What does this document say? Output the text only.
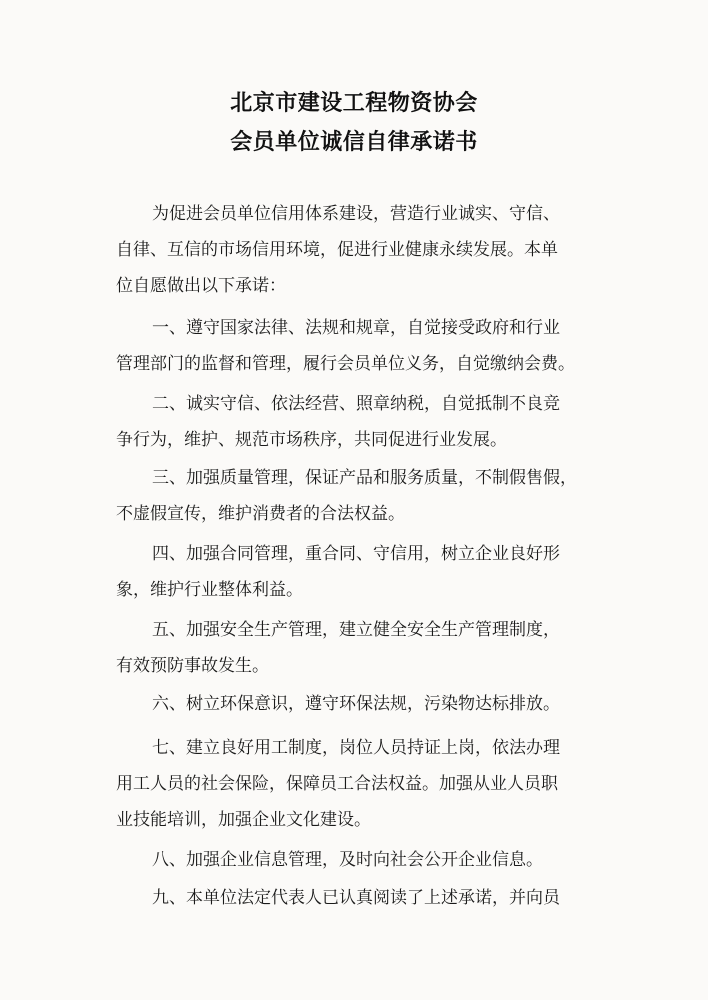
北京市建设工程物资协会
会员单位诚信自律承诺书
为促进会员单位信用体系建设，营造行业诚实、守信、
自律、互信的市场信用环境，促进行业健康永续发展。本单
位自愿做出以下承诺：
一、遵守国家法律、法规和规章，自觉接受政府和行业
管理部门的监督和管理，履行会员单位义务，自觉缴纳会费。
二、诚实守信、依法经营、照章纳税，自觉抵制不良竞
争行为，维护、规范市场秩序，共同促进行业发展。
三、加强质量管理，保证产品和服务质量，不制假售假，
不虚假宣传，维护消费者的合法权益。
四、加强合同管理，重合同、守信用，树立企业良好形
象，维护行业整体利益。
五、加强安全生产管理，建立健全安全生产管理制度，
有效预防事故发生。
六、树立环保意识，遵守环保法规，污染物达标排放。
七、建立良好用工制度，岗位人员持证上岗，依法办理
用工人员的社会保险，保障员工合法权益。加强从业人员职
业技能培训，加强企业文化建设。
八、加强企业信息管理，及时向社会公开企业信息。
九、本单位法定代表人已认真阅读了上述承诺，并向员
